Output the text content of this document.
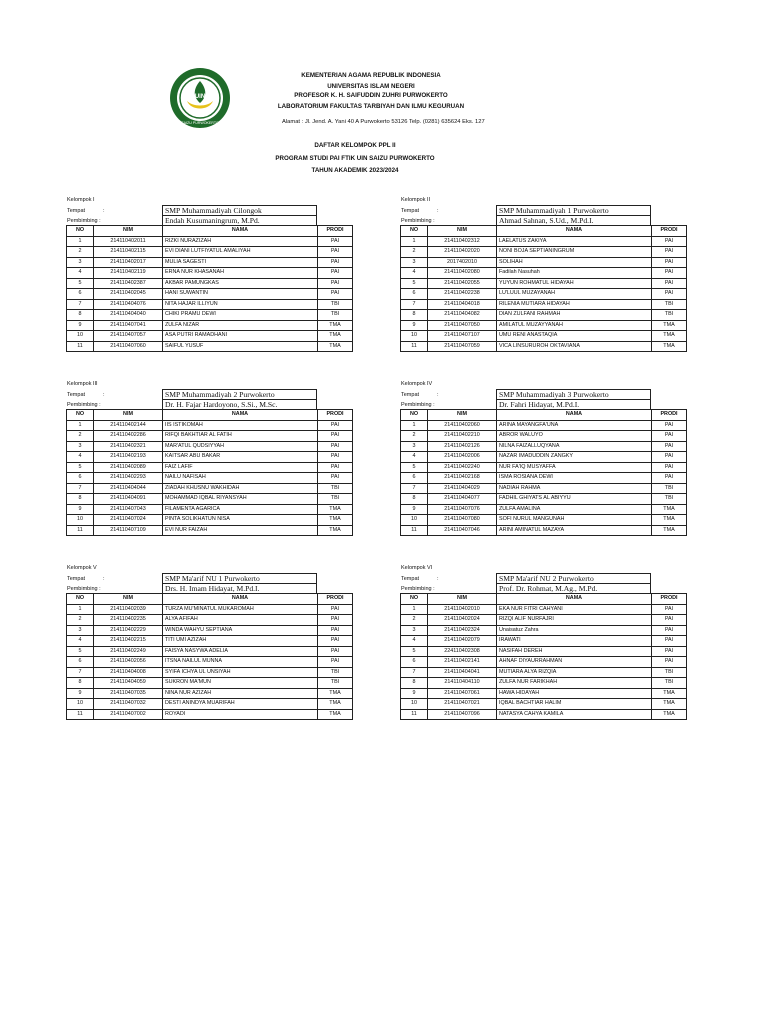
UIN
SAIZU PURWOKERTO
KEMENTERIAN AGAMA REPUBLIK INDONESIA
UNIVERSITAS ISLAM NEGERI
PROFESOR K. H. SAIFUDDIN ZUHRI PURWOKERTO
LABORATORIUM FAKULTAS TARBIYAH DAN ILMU KEGURUAN
Alamat : Jl. Jend. A. Yani 40 A Purwokerto 53126 Telp. (0281) 635624 Eks. 127
DAFTAR KELOMPOK PPL II
PROGRAM STUDI PAI FTIK UIN SAIZU PURWOKERTO
TAHUN AKADEMIK 2023/2024
Kelompok I
Tempat	:	SMP Muhammadiyah Cilongok
Pembimbing :	Endah Kusumaningrum, M.Pd.
NO	NIM	NAMA	PRODI
1	214110402011	RIZKI NURAZIZAH	PAI
2	214110402115	EVI DIANI LUTFIYATUL AMALIYAH	PAI
3	214110402017	MULIA SAGESTI	PAI
4	214110402119	ERNA NUR KHASANAH	PAI
5	214110402387	AKBAR PAMUNGKAS	PAI
6	214110402045	HANI SUWANTIN	PAI
7	214110404076	NITA HAJAR ILLIYUN	TBI
8	214110404040	CHIKI PRAMU DEWI	TBI
9	214110407041	ZULFA NIZAR	TMA
10	214110407057	ASA PUTRI RAMADHANI	TMA
11	214110407060	SAIFUL YUSUF	TMA
Kelompok II
Tempat	:	SMP Muhammadiyah 1 Purwokerto
Pembimbing :	Ahmad Sahnan, S.Ud., M.Pd.I.
NO	NIM	NAMA	PRODI
1	214110402312	LAELATUS ZAKIYA	PAI
2	214110402020	NONI BOJA SEPTIANINGRUM	PAI
3	2017402010	SOLIHAH	PAI
4	214110402080	Fadilah Nasuhah	PAI
5	214110402055	YUYUN ROHMATUL HIDAYAH	PAI
6	214110402238	LU'LUUL MUZAYANAH	PAI
7	214110404018	RILENIA MUTIARA HIDAYAH	TBI
8	214110404082	DIAN ZULFANI RAHMAH	TBI
9	214110407050	AMILATUL MUZAYYANAH	TMA
10	214110407107	UMU RENI ANASTAQIA	TMA
11	214110407059	VICA LINSURUROH OKTAVIANA	TMA
Kelompok III
Tempat	:	SMP Muhammadiyah 2 Purwokerto
Pembimbing :	Dr. H. Fajar Hardoyono, S.Si., M.Sc.
NO	NIM	NAMA	PRODI
1	214110402144	IIS ISTIKOMAH	PAI
2	214110402286	RIFQI BAKHTIAR AL FATIH	PAI
3	214110402321	MAR'ATUL QUDSIYYAH	PAI
4	214110402193	KAITSAR ABU BAKAR	PAI
5	214110402089	FAIZ LAFIF	PAI
6	214110402293	NAILU NAFISAH	PAI
7	214110404044	ZIADAH KHUSNU WAKHIDAH	TBI
8	214110404091	MOHAMMAD IQBAL RIYANSYAH	TBI
9	214110407043	FILAMENTA AGARICA	TMA
10	214110407024	PINTA SOLIKHATUN NISA	TMA
11	214110407109	EVI NUR FAIZAH	TMA
Kelompok IV
Tempat	:	SMP Muhammadiyah 3 Purwokerto
Pembimbing :	Dr. Fahri Hidayat, M.Pd.I.
NO	NIM	NAMA	PRODI
1	214110402060	ARINA MAYANGFA'UNA	PAI
2	214110402210	ABROR WALUYO	PAI
3	214110402126	NILNA FAIZALLUQYANA	PAI
4	214110402006	NAZAR IMADUDDIN ZANGKY	PAI
5	214110402240	NUR FA'IQ MUSYAFFA	PAI
6	214110402168	ISMA ROSIANA DEWI	PAI
7	214110404029	NADIAH RAHMA	TBI
8	214110404077	FADHIL GHIYATS AL ABIYYU	TBI
9	214110407076	ZULFA AMALINA	TMA
10	214110407080	SOFI NURUL MANGUNAH	TMA
11	214110407046	ARINI AMINATUL MAZAYA	TMA
Kelompok V
Tempat	:	SMP Ma'arif NU 1 Purwokerto
Pembimbing :	Drs. H. Imam Hidayat, M.Pd.I.
NO	NIM	NAMA	PRODI
1	214110402039	TURZA MU'MINATUL MUKAROMAH	PAI
2	214110402235	ALYA AFIFAH	PAI
3	214110402229	WINDA WAHYU SEPTIANA	PAI
4	214110402215	TITI UMI AZIZAH	PAI
5	214110402249	FAISYA NASYWA ADELIA	PAI
6	214110402056	ITSNA NAILUL MUNNA	PAI
7	214110404008	SYIFA ICHYA UL UNSIYAH	TBI
8	214110404059	SUKRON MA'MUN	TBI
9	214110407035	NINA NUR AZIZAH	TMA
10	214110407032	DESTI ANINDYA MUARIFAH	TMA
11	214110407002	ROYADI	TMA
Kelompok VI
Tempat	:	SMP Ma'arif NU 2 Purwokerto
Pembimbing :	Prof. Dr. Rohmat, M.Ag., M.Pd.
NO	NIM	NAMA	PRODI
1	214110402010	EKA NUR FITRI CAHYANI	PAI
2	214110402024	RIZQI ALIF NURFAJRI	PAI
3	214110402324	Unaisatuz Zahra	PAI
4	214110402079	IRAWATI	PAI
5	224110402308	NASIFAH DEREH	PAI
6	214110402141	AHNAF DIYAURRAHMAN	PAI
7	214110404041	MUTIARA ALYA RIZQIA	TBI
8	214110404110	ZULFA NUR FARIKHAH	TBI
9	214110407061	HAWA HIDAYAH	TMA
10	214110407021	IQBAL BACHTIAR HALIM	TMA
11	214110407096	NATASYA CAHYA KAMILA	TMA
